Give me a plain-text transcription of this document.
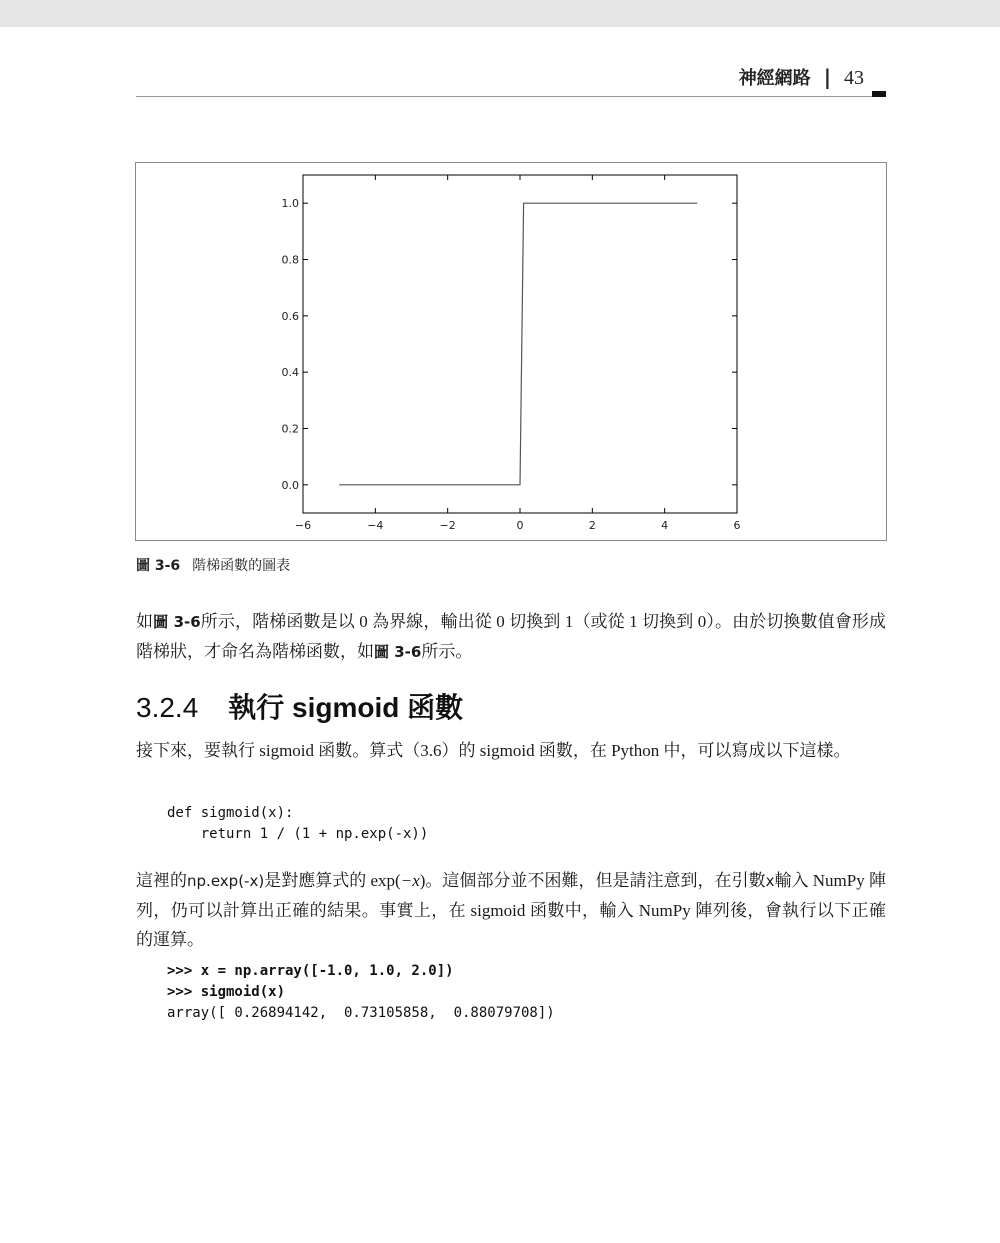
神經網路 | 43
0.0
0.2
0.4
0.6
0.8
1.0
−6	−4	−2	0	2	4	6
圖 3-6 階梯函數的圖表
如圖 3-6所示，階梯函數是以 0 為界線，輸出從 0 切換到 1（或從 1 切換到 0）。由於切換數值會形成階梯狀，才命名為階梯函數，如圖 3-6所示。
3.2.4 執行 sigmoid 函數
接下來，要執行 sigmoid 函數。算式（3.6）的 sigmoid 函數，在 Python 中，可以寫成以下這樣。
def sigmoid(x):
return 1 / (1 + np.exp(-x))
這裡的np.exp(-x)是對應算式的 exp(−x)。這個部分並不困難，但是請注意到，在引數x輸入 NumPy 陣列，仍可以計算出正確的結果。事實上，在 sigmoid 函數中，輸入 NumPy 陣列後，會執行以下正確的運算。
>>> x = np.array([-1.0, 1.0, 2.0])
>>> sigmoid(x)
array([ 0.26894142,  0.73105858,  0.88079708])
